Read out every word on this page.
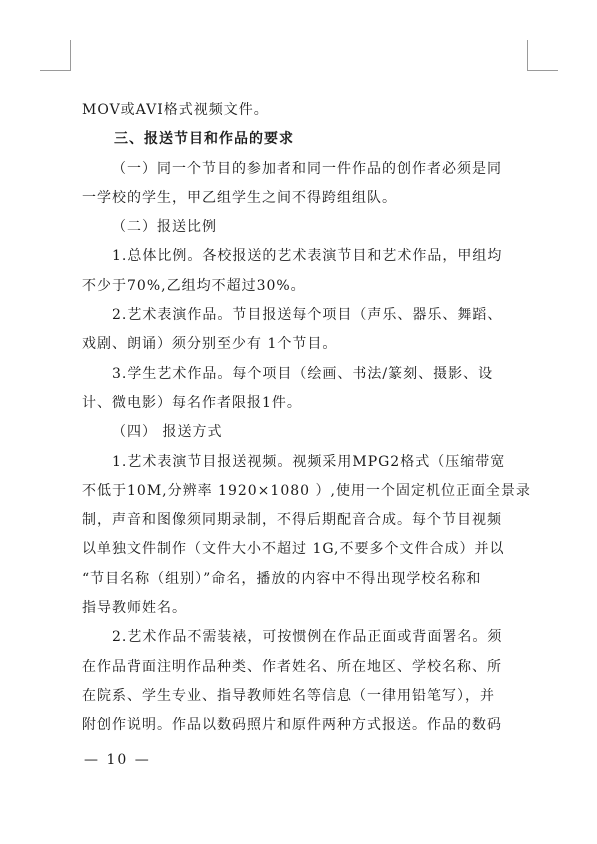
MOV或AVI格式视频文件。
三、报送节目和作品的要求
（一）同一个节目的参加者和同一件作品的创作者必须是同
一学校的学生，甲乙组学生之间不得跨组组队。
（二）报送比例
1.总体比例。各校报送的艺术表演节目和艺术作品，甲组均
不少于70%,乙组均不超过30%。
2.艺术表演作品。节目报送每个项目（声乐、器乐、舞蹈、
戏剧、朗诵）须分别至少有 1个节目。
3.学生艺术作品。每个项目（绘画、书法/篆刻、摄影、设
计、微电影）每名作者限报1件。
（四） 报送方式
1.艺术表演节目报送视频。视频采用MPG2格式（压缩带宽
不低于10M,分辨率 1920×1080 ）,使用一个固定机位正面全景录
制，声音和图像须同期录制，不得后期配音合成。每个节目视频
以单独文件制作（文件大小不超过 1G,不要多个文件合成）并以
“节目名称（组别）”命名，播放的内容中不得出现学校名称和
指导教师姓名。
2.艺术作品不需装裱，可按惯例在作品正面或背面署名。须
在作品背面注明作品种类、作者姓名、所在地区、学校名称、所
在院系、学生专业、指导教师姓名等信息（一律用铅笔写），并
附创作说明。作品以数码照片和原件两种方式报送。作品的数码
— 10 —
